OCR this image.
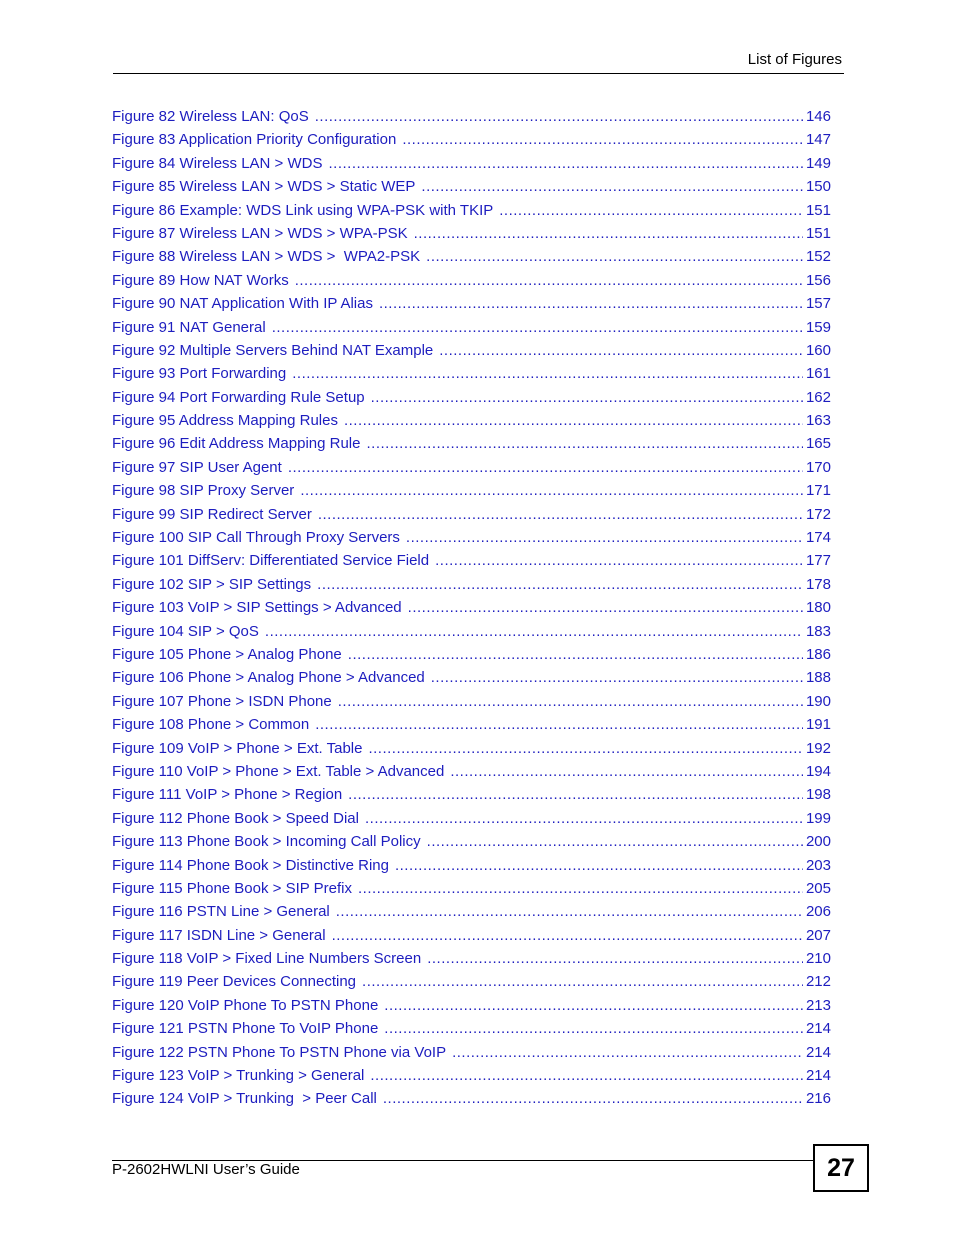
List of Figures
Figure 82 Wireless LAN: QoS .....	146
Figure 83 Application Priority Configuration .....	147
Figure 84 Wireless LAN > WDS .....	149
Figure 85 Wireless LAN > WDS > Static WEP .....	150
Figure 86 Example: WDS Link using WPA-PSK with TKIP .....	151
Figure 87 Wireless LAN > WDS > WPA-PSK .....	151
Figure 88 Wireless LAN > WDS >  WPA2-PSK .....	152
Figure 89 How NAT Works .....	156
Figure 90 NAT Application With IP Alias .....	157
Figure 91 NAT General .....	159
Figure 92 Multiple Servers Behind NAT Example .....	160
Figure 93 Port Forwarding .....	161
Figure 94 Port Forwarding Rule Setup .....	162
Figure 95 Address Mapping Rules .....	163
Figure 96 Edit Address Mapping Rule .....	165
Figure 97 SIP User Agent .....	170
Figure 98 SIP Proxy Server .....	171
Figure 99 SIP Redirect Server .....	172
Figure 100 SIP Call Through Proxy Servers .....	174
Figure 101 DiffServ: Differentiated Service Field .....	177
Figure 102 SIP > SIP Settings .....	178
Figure 103 VoIP > SIP Settings > Advanced .....	180
Figure 104 SIP > QoS .....	183
Figure 105 Phone > Analog Phone .....	186
Figure 106 Phone > Analog Phone > Advanced .....	188
Figure 107 Phone > ISDN Phone .....	190
Figure 108 Phone > Common .....	191
Figure 109 VoIP > Phone > Ext. Table .....	192
Figure 110 VoIP > Phone > Ext. Table > Advanced .....	194
Figure 111 VoIP > Phone > Region .....	198
Figure 112 Phone Book > Speed Dial .....	199
Figure 113 Phone Book > Incoming Call Policy .....	200
Figure 114 Phone Book > Distinctive Ring .....	203
Figure 115 Phone Book > SIP Prefix .....	205
Figure 116 PSTN Line > General .....	206
Figure 117 ISDN Line > General .....	207
Figure 118 VoIP > Fixed Line Numbers Screen .....	210
Figure 119 Peer Devices Connecting .....	212
Figure 120 VoIP Phone To PSTN Phone .....	213
Figure 121 PSTN Phone To VoIP Phone .....	214
Figure 122 PSTN Phone To PSTN Phone via VoIP .....	214
Figure 123 VoIP > Trunking > General .....	214
Figure 124 VoIP > Trunking  > Peer Call .....	216
P-2602HWLNI User’s Guide	27
